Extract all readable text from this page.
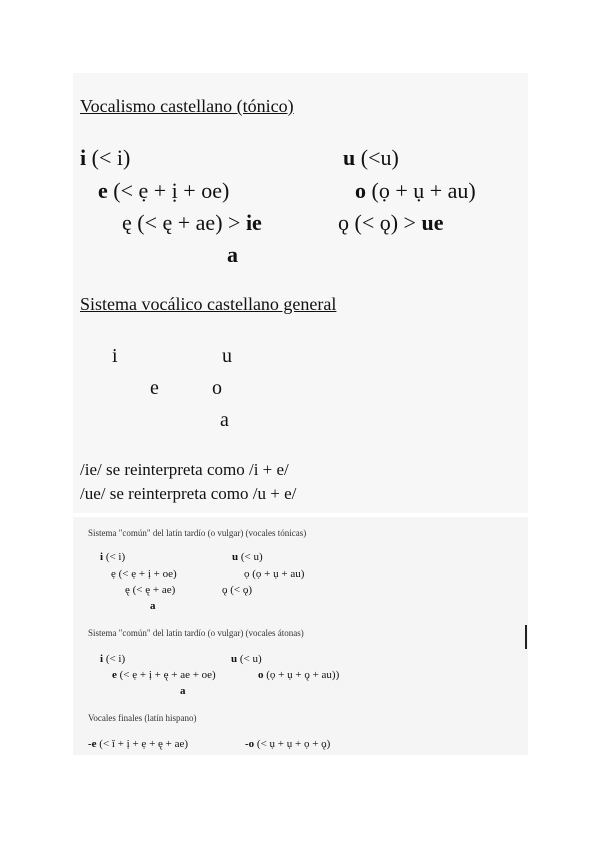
Vocalismo castellano (tónico)
i (< i)	u (<u)
e (< ẹ + ị + oe)	o (ọ + ụ + au)
ę (< ę + ae) > ie	ǫ (< ǫ) > ue
a
Sistema vocálico castellano general
i	u
e	o
a
/ie/ se reinterpreta como /i + e/
/ue/ se reinterpreta como /u + e/
Sistema "común" del latín tardío (o vulgar) (vocales tónicas)
i (< i)	u (< u)
ẹ (< ẹ + ị + oe)	ọ (ọ + ụ + au)
ę (< ę + ae)	ǫ (< ǫ)
a
Sistema "común" del latín tardío (o vulgar) (vocales átonas)
i (< i)	u (< u)
e (< ẹ + ị + ę + ae + oe)	o (ọ + ụ + ǫ + au))
a
Vocales finales (latín hispano)
-e (< ĭ + ị + ẹ + ę + ae)	-o (< ụ + ụ + ọ + ǫ)
